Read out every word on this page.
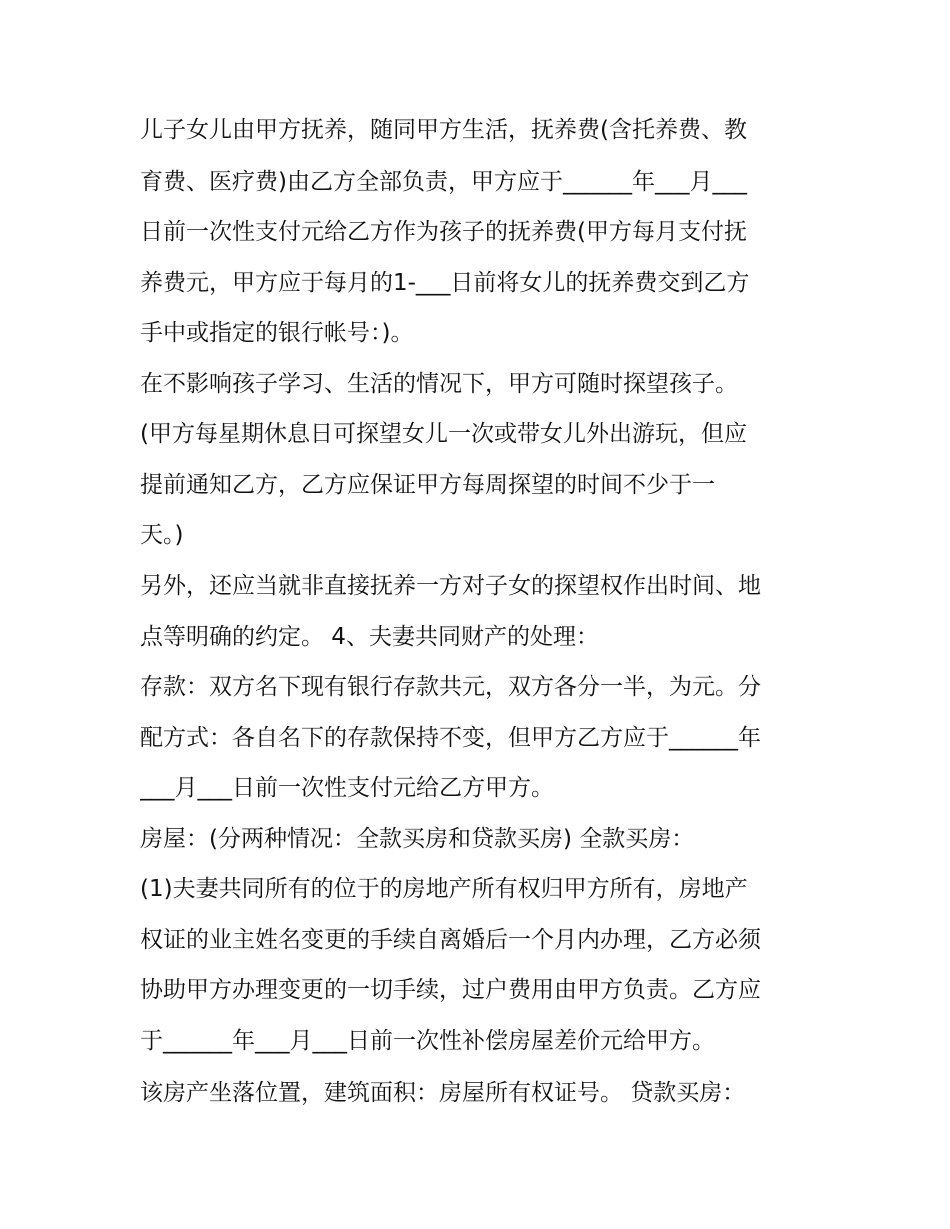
儿子女儿由甲方抚养，随同甲方生活，抚养费(含托养费、教
育费、医疗费)由乙方全部负责，甲方应于______年___月___
日前一次性支付元给乙方作为孩子的抚养费(甲方每月支付抚
养费元，甲方应于每月的1-___日前将女儿的抚养费交到乙方
手中或指定的银行帐号：)。
在不影响孩子学习、生活的情况下，甲方可随时探望孩子。
(甲方每星期休息日可探望女儿一次或带女儿外出游玩，但应
提前通知乙方，乙方应保证甲方每周探望的时间不少于一
天。)
另外，还应当就非直接抚养一方对子女的探望权作出时间、地
点等明确的约定。 4、夫妻共同财产的处理：
存款：双方名下现有银行存款共元，双方各分一半，为元。分
配方式：各自名下的存款保持不变，但甲方乙方应于______年
___月___日前一次性支付元给乙方甲方。
房屋：(分两种情况：全款买房和贷款买房) 全款买房：
(1)夫妻共同所有的位于的房地产所有权归甲方所有，房地产
权证的业主姓名变更的手续自离婚后一个月内办理，乙方必须
协助甲方办理变更的一切手续，过户费用由甲方负责。乙方应
于______年___月___日前一次性补偿房屋差价元给甲方。
该房产坐落位置，建筑面积：房屋所有权证号。 贷款买房：
